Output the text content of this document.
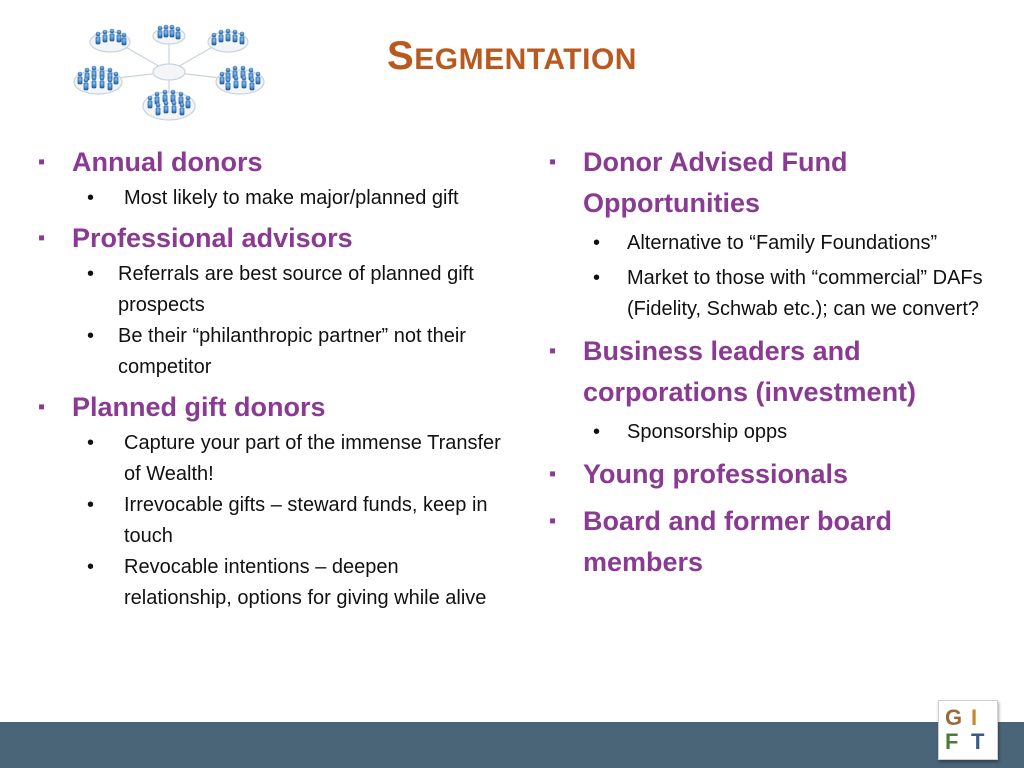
SEGMENTATION
▪
Annual donors
• Most likely to make major/planned gift
▪
Professional advisors
• Referrals are best source of planned gift prospects
• Be their “philanthropic partner” not their competitor
▪
Planned gift donors
• Capture your part of the immense Transfer of Wealth!
• Irrevocable gifts – steward funds, keep in touch
• Revocable intentions – deepen relationship, options for giving while alive
▪
Donor Advised Fund Opportunities
• Alternative to “Family Foundations”
• Market to those with “commercial” DAFs (Fidelity, Schwab etc.); can we convert?
▪
Business leaders and corporations (investment)
• Sponsorship opps
▪
Young professionals
▪
Board and former board members
G I
F T
